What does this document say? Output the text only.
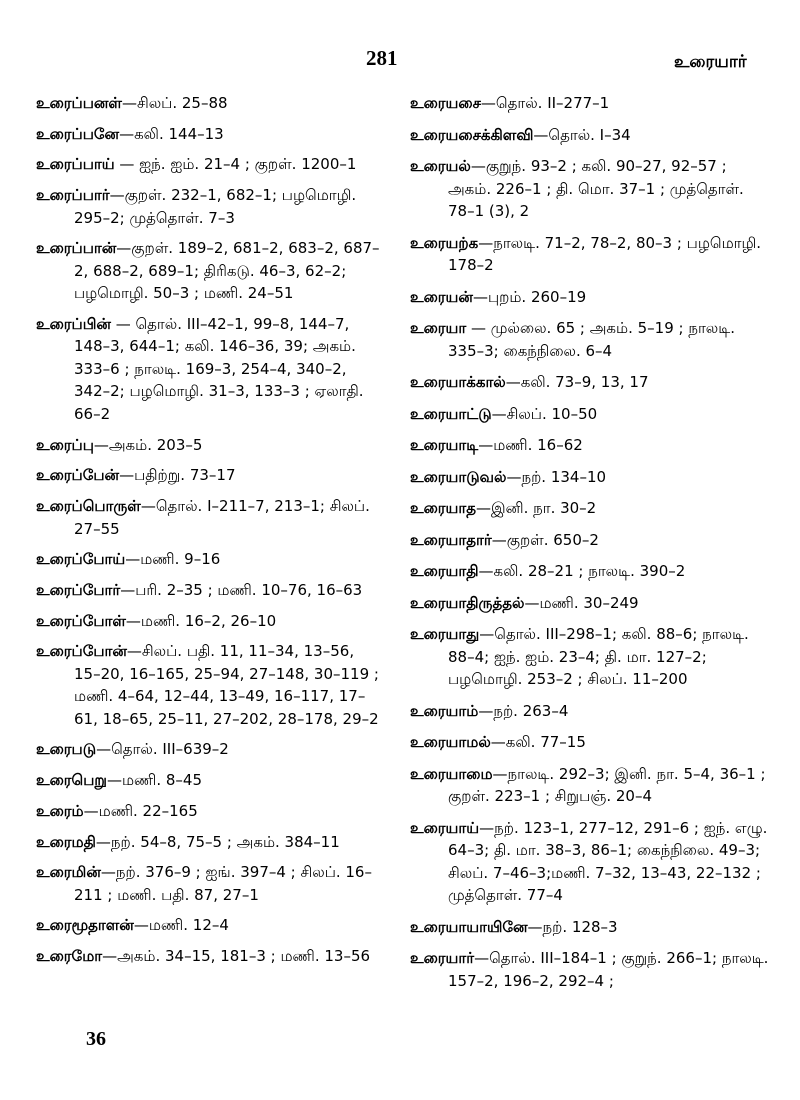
281	உரையார்
உரைப்பனள்—சிலப். 25–88
உரைப்பனே—கலி. 144–13
உரைப்பாய் — ஐந். ஐம். 21–4 ; குறள். 1200–1
உரைப்பார்—குறள். 232–1, 682–1; பழமொழி. 295–2; முத்தொள். 7–3
உரைப்பான்—குறள். 189–2, 681–2, 683–2, 687–2, 688–2, 689–1; திரிகடு. 46–3, 62–2; பழமொழி. 50–3 ; மணி. 24–51
உரைப்பின் — தொல். III–42–1, 99–8, 144–7, 148–3, 644–1; கலி. 146–36, 39; அகம். 333–6 ; நாலடி. 169–3, 254–4, 340–2, 342–2; பழமொழி. 31–3, 133–3 ; ஏலாதி. 66–2
உரைப்பு—அகம். 203–5
உரைப்பேன்—பதிற்று. 73–17
உரைப்பொருள்—தொல். I–211–7, 213–1; சிலப். 27–55
உரைப்போய்—மணி. 9–16
உரைப்போர்—பரி. 2–35 ; மணி. 10–76, 16–63
உரைப்போள்—மணி. 16–2, 26–10
உரைப்போன்—சிலப். பதி. 11, 11–34, 13–56, 15–20, 16–165, 25–94, 27–148, 30–119 ; மணி. 4–64, 12–44, 13–49, 16–117, 17–61, 18–65, 25–11, 27–202, 28–178, 29–2
உரைபடு—தொல். III–639–2
உரைபெறு—மணி. 8–45
உரைம்—மணி. 22–165
உரைமதி—நற். 54–8, 75–5 ; அகம். 384–11
உரைமின்—நற். 376–9 ; ஐங். 397–4 ; சிலப். 16–211 ; மணி. பதி. 87, 27–1
உரைமூதாளன்—மணி. 12–4
உரைமோ—அகம். 34–15, 181–3 ; மணி. 13–56
உரையசை—தொல். II–277–1
உரையசைக்கிளவி—தொல். I–34
உரையல்—குறுந். 93–2 ; கலி. 90–27, 92–57 ; அகம். 226–1 ; தி. மொ. 37–1 ; முத்தொள். 78–1 (3), 2
உரையற்க—நாலடி. 71–2, 78–2, 80–3 ; பழமொழி. 178–2
உரையன்—புறம். 260–19
உரையா — முல்லை. 65 ; அகம். 5–19 ; நாலடி. 335–3; கைந்நிலை. 6–4
உரையாக்கால்—கலி. 73–9, 13, 17
உரையாட்டு—சிலப். 10–50
உரையாடி—மணி. 16–62
உரையாடுவல்—நற். 134–10
உரையாத—இனி. நா. 30–2
உரையாதார்—குறள். 650–2
உரையாதி—கலி. 28–21 ; நாலடி. 390–2
உரையாதிருத்தல்—மணி. 30–249
உரையாது—தொல். III–298–1; கலி. 88–6; நாலடி. 88–4; ஐந். ஐம். 23–4; தி. மா. 127–2; பழமொழி. 253–2 ; சிலப். 11–200
உரையாம்—நற். 263–4
உரையாமல்—கலி. 77–15
உரையாமை—நாலடி. 292–3; இனி. நா. 5–4, 36–1 ; குறள். 223–1 ; சிறுபஞ். 20–4
உரையாய்—நற். 123–1, 277–12, 291–6 ; ஐந். எழு. 64–3; தி. மா. 38–3, 86–1; கைந்நிலை. 49–3; சிலப். 7–46–3;மணி. 7–32, 13–43, 22–132 ; முத்தொள். 77–4
உரையாயாயினே—நற். 128–3
உரையார்—தொல். III–184–1 ; குறுந். 266–1; நாலடி. 157–2, 196–2, 292–4 ;
36
